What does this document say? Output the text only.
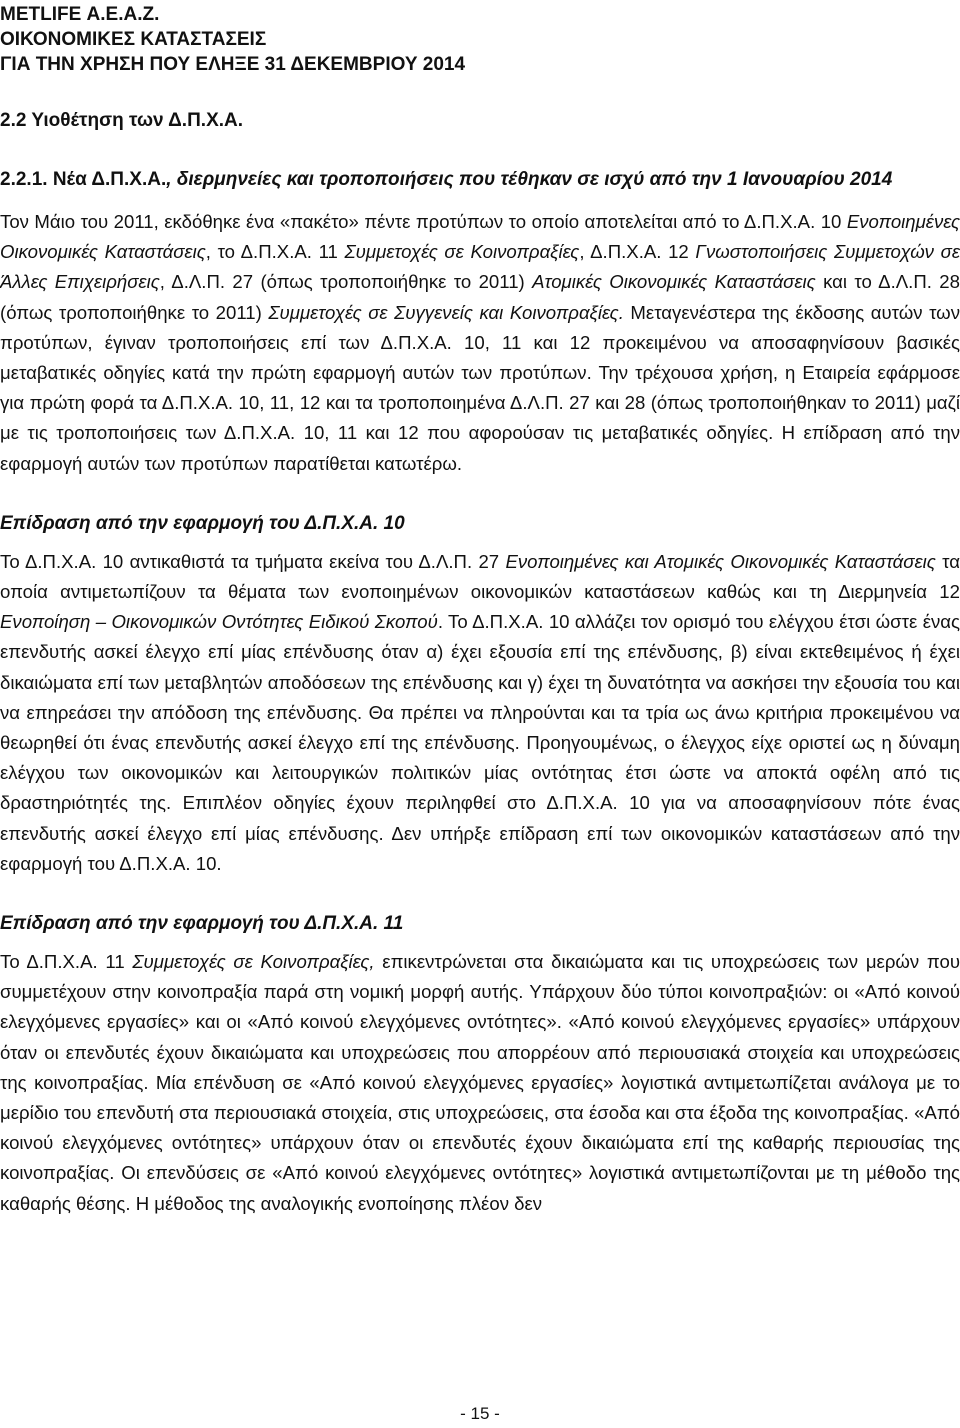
METLIFE Α.Ε.Α.Ζ.
ΟΙΚΟΝΟΜΙΚΕΣ ΚΑΤΑΣΤΑΣΕΙΣ
ΓΙΑ ΤΗΝ ΧΡΗΣΗ ΠΟΥ ΕΛΗΞΕ 31 ΔΕΚΕΜΒΡΙΟΥ 2014
2.2 Υιοθέτηση των Δ.Π.Χ.Α.
2.2.1. Νέα Δ.Π.Χ.Α., διερμηνείες και τροποποιήσεις που τέθηκαν σε ισχύ από την 1 Ιανουαρίου 2014

Τον Μάιο του 2011, εκδόθηκε ένα «πακέτο» πέντε προτύπων το οποίο αποτελείται από το Δ.Π.Χ.Α. 10 Ενοποιημένες Οικονομικές Καταστάσεις, το Δ.Π.Χ.Α. 11 Συμμετοχές σε Κοινοπραξίες, Δ.Π.Χ.Α. 12 Γνωστοποιήσεις Συμμετοχών σε Άλλες Επιχειρήσεις, Δ.Λ.Π. 27 (όπως τροποποιήθηκε το 2011) Ατομικές Οικονομικές Καταστάσεις και το Δ.Λ.Π. 28 (όπως τροποποιήθηκε το 2011) Συμμετοχές σε Συγγενείς και Κοινοπραξίες. Μεταγενέστερα της έκδοσης αυτών των προτύπων, έγιναν τροποποιήσεις επί των Δ.Π.Χ.Α. 10, 11 και 12 προκειμένου να αποσαφηνίσουν βασικές μεταβατικές οδηγίες κατά την πρώτη εφαρμογή αυτών των προτύπων. Την τρέχουσα χρήση, η Εταιρεία εφάρμοσε για πρώτη φορά τα Δ.Π.Χ.Α. 10, 11, 12 και τα τροποποιημένα Δ.Λ.Π. 27 και 28 (όπως τροποποιήθηκαν το 2011) μαζί με τις τροποποιήσεις των Δ.Π.Χ.Α. 10, 11 και 12 που αφορούσαν τις μεταβατικές οδηγίες. Η επίδραση από την εφαρμογή αυτών των προτύπων παρατίθεται κατωτέρω.

Επίδραση από την εφαρμογή του Δ.Π.Χ.Α. 10

Το Δ.Π.Χ.Α. 10 αντικαθιστά τα τμήματα εκείνα του Δ.Λ.Π. 27 Ενοποιημένες και Ατομικές Οικονομικές Καταστάσεις τα οποία αντιμετωπίζουν τα θέματα των ενοποιημένων οικονομικών καταστάσεων καθώς και τη Διερμηνεία 12 Ενοποίηση – Οικονομικών Οντότητες Ειδικού Σκοπού. Το Δ.Π.Χ.Α. 10 αλλάζει τον ορισμό του ελέγχου έτσι ώστε ένας επενδυτής ασκεί έλεγχο επί μίας επένδυσης όταν α) έχει εξουσία επί της επένδυσης, β) είναι εκτεθειμένος ή έχει δικαιώματα επί των μεταβλητών αποδόσεων της επένδυσης και γ) έχει τη δυνατότητα να ασκήσει την εξουσία του και να επηρεάσει την απόδοση της επένδυσης. Θα πρέπει να πληρούνται και τα τρία ως άνω κριτήρια προκειμένου να θεωρηθεί ότι ένας επενδυτής ασκεί έλεγχο επί της επένδυσης. Προηγουμένως, ο έλεγχος είχε οριστεί ως η δύναμη ελέγχου των οικονομικών και λειτουργικών πολιτικών μίας οντότητας έτσι ώστε να αποκτά οφέλη από τις δραστηριότητές της. Επιπλέον οδηγίες έχουν περιληφθεί στο Δ.Π.Χ.Α. 10 για να αποσαφηνίσουν πότε ένας επενδυτής ασκεί έλεγχο επί μίας επένδυσης. Δεν υπήρξε επίδραση επί των οικονομικών καταστάσεων από την εφαρμογή του Δ.Π.Χ.Α. 10.

Επίδραση από την εφαρμογή του Δ.Π.Χ.Α. 11

Το Δ.Π.Χ.Α. 11 Συμμετοχές σε Κοινοπραξίες, επικεντρώνεται στα δικαιώματα και τις υποχρεώσεις των μερών που συμμετέχουν στην κοινοπραξία παρά στη νομική μορφή αυτής. Υπάρχουν δύο τύποι κοινοπραξιών: οι «Από κοινού ελεγχόμενες εργασίες» και οι «Από κοινού ελεγχόμενες οντότητες». «Από κοινού ελεγχόμενες εργασίες» υπάρχουν όταν οι επενδυτές έχουν δικαιώματα και υποχρεώσεις που απορρέουν από περιουσιακά στοιχεία και υποχρεώσεις της κοινοπραξίας. Μία επένδυση σε «Από κοινού ελεγχόμενες εργασίες» λογιστικά αντιμετωπίζεται ανάλογα με το μερίδιο του επενδυτή στα περιουσιακά στοιχεία, στις υποχρεώσεις, στα έσοδα και στα έξοδα της κοινοπραξίας. «Από κοινού ελεγχόμενες οντότητες» υπάρχουν όταν οι επενδυτές έχουν δικαιώματα επί της καθαρής περιουσίας της κοινοπραξίας. Οι επενδύσεις σε «Από κοινού ελεγχόμενες οντότητες» λογιστικά αντιμετωπίζονται με τη μέθοδο της καθαρής θέσης. Η μέθοδος της αναλογικής ενοποίησης πλέον δεν

- 15 -
